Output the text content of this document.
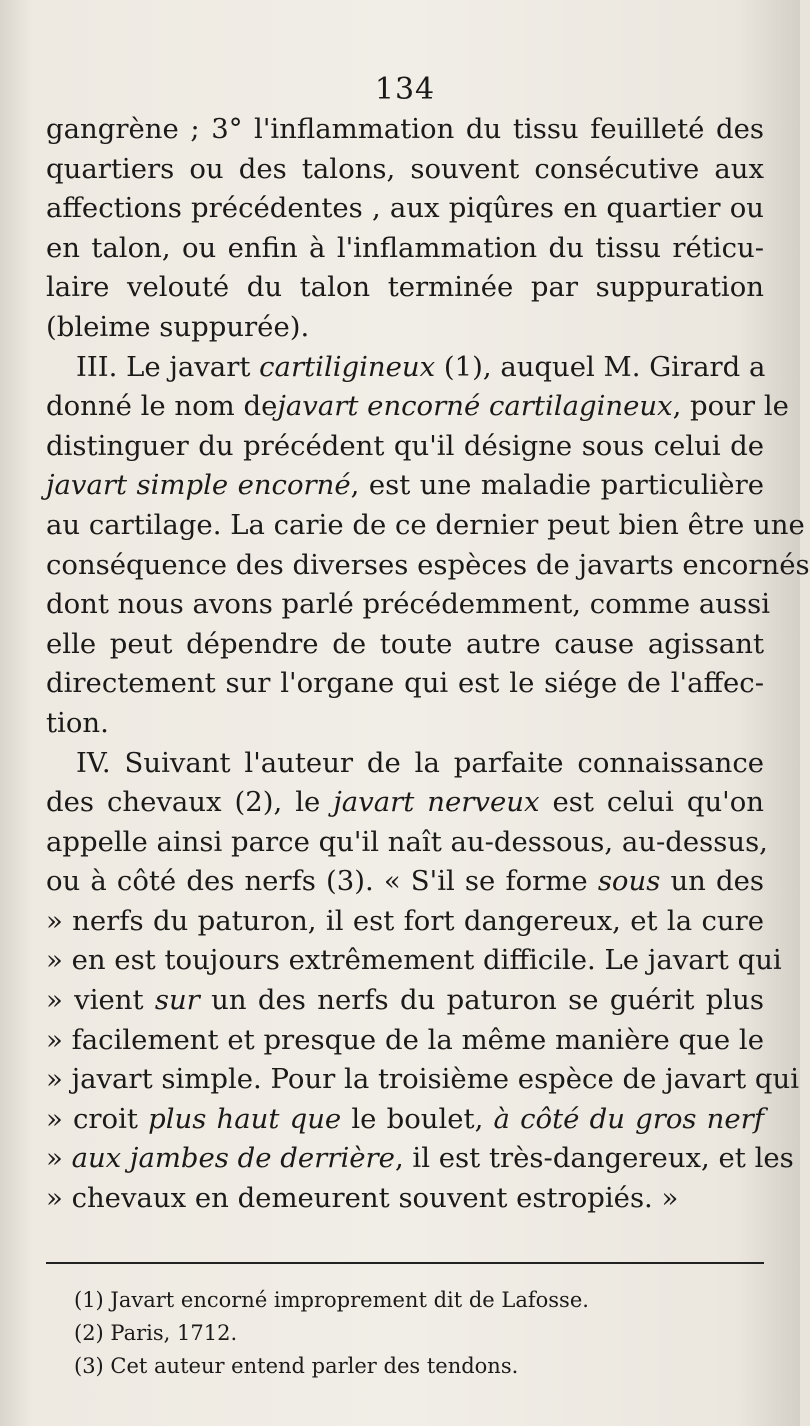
134
gangrène ; 3° l'inflammation du tissu feuilleté des
quartiers ou des talons, souvent consécutive aux
affections précédentes , aux piqûres en quartier ou
en talon, ou enfin à l'inflammation du tissu réticu-
laire velouté du talon terminée par suppuration
(bleime suppurée).
III. Le javart cartiligineux (1), auquel M. Girard a
donné le nom dejavart encorné cartilagineux, pour le
distinguer du précédent qu'il désigne sous celui de
javart simple encorné, est une maladie particulière
au cartilage. La carie de ce dernier peut bien être une
conséquence des diverses espèces de javarts encornés
dont nous avons parlé précédemment, comme aussi
elle peut dépendre de toute autre cause agissant
directement sur l'organe qui est le siége de l'affec-
tion.
IV. Suivant l'auteur de la parfaite connaissance
des chevaux (2), le javart nerveux est celui qu'on
appelle ainsi parce qu'il naît au-dessous, au-dessus,
ou à côté des nerfs (3). « S'il se forme sous un des
» nerfs du paturon, il est fort dangereux, et la cure
» en est toujours extrêmement difficile. Le javart qui
» vient sur un des nerfs du paturon se guérit plus
» facilement et presque de la même manière que le
» javart simple. Pour la troisième espèce de javart qui
» croit plus haut que le boulet, à côté du gros nerf
» aux jambes de derrière, il est très-dangereux, et les
» chevaux en demeurent souvent estropiés. »
(1) Javart encorné improprement dit de Lafosse.
(2) Paris, 1712.
(3) Cet auteur entend parler des tendons.
